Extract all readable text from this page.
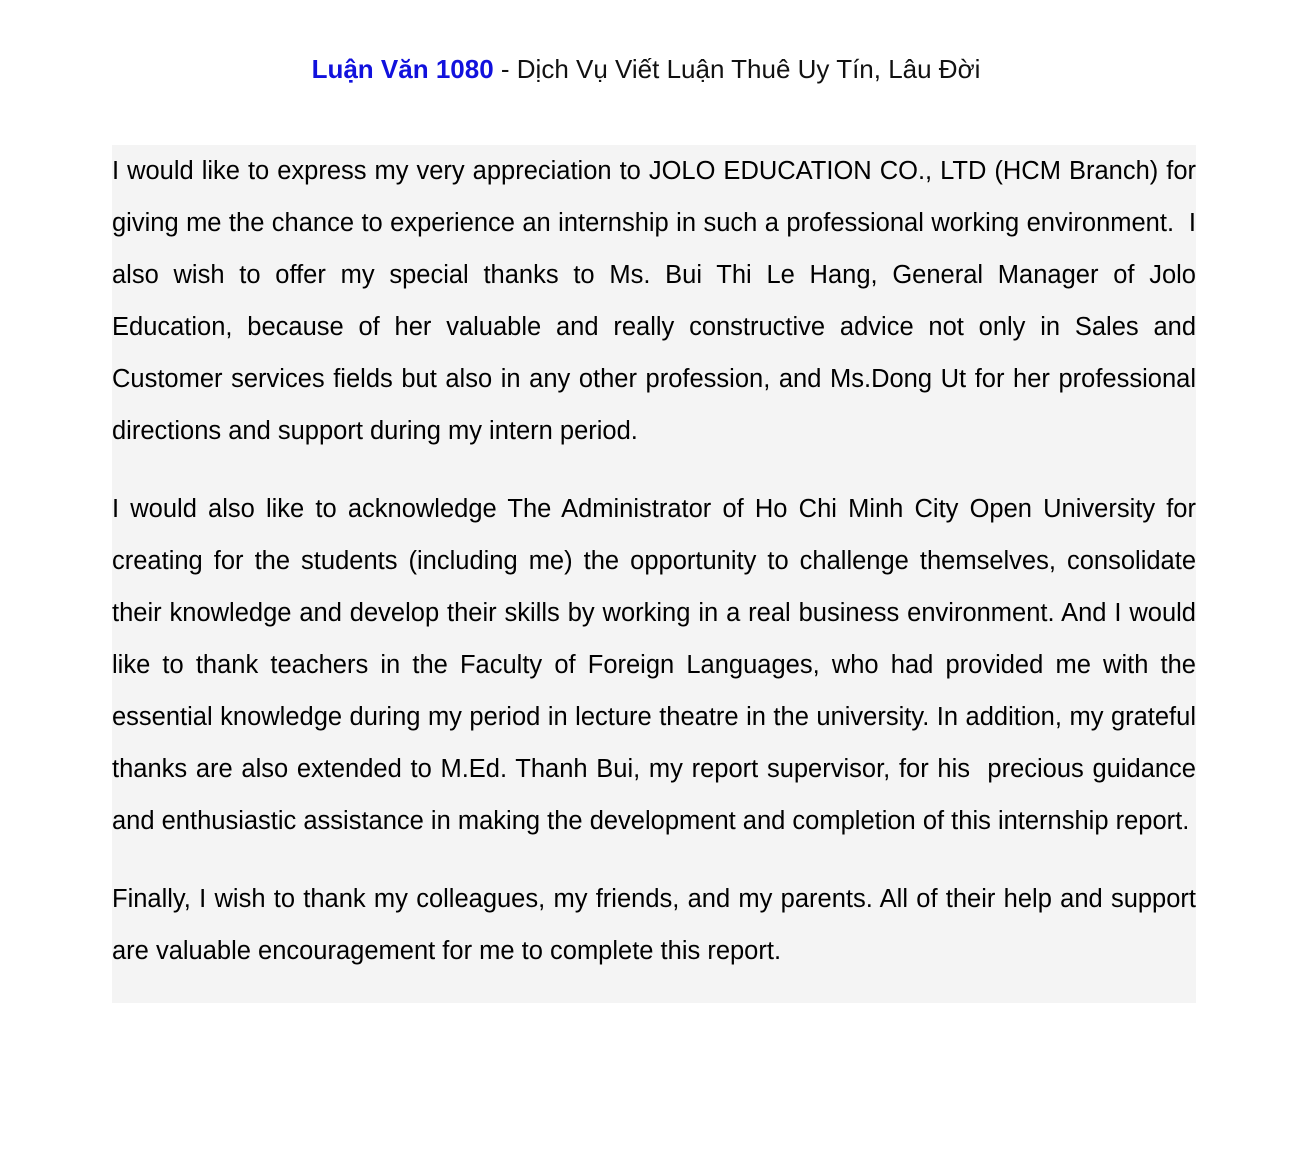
Luận Văn 1080 - Dịch Vụ Viết Luận Thuê Uy Tín, Lâu Đời

I would like to express my very appreciation to JOLO EDUCATION CO., LTD (HCM Branch) for giving me the chance to experience an internship in such a professional working environment.  I also wish to offer my special thanks to Ms. Bui Thi Le Hang, General Manager of Jolo Education, because of her valuable and really constructive advice not only in Sales and Customer services fields but also in any other profession, and Ms.Dong Ut for her professional directions and support during my intern period.

I would also like to acknowledge The Administrator of Ho Chi Minh City Open University for creating for the students (including me) the opportunity to challenge themselves, consolidate their knowledge and develop their skills by working in a real business environment. And I would like to thank teachers in the Faculty of Foreign Languages, who had provided me with the essential knowledge during my period in lecture theatre in the university. In addition, my grateful thanks are also extended to M.Ed. Thanh Bui, my report supervisor, for his  precious guidance and enthusiastic assistance in making the development and completion of this internship report.

Finally, I wish to thank my colleagues, my friends, and my parents. All of their help and support are valuable encouragement for me to complete this report.
